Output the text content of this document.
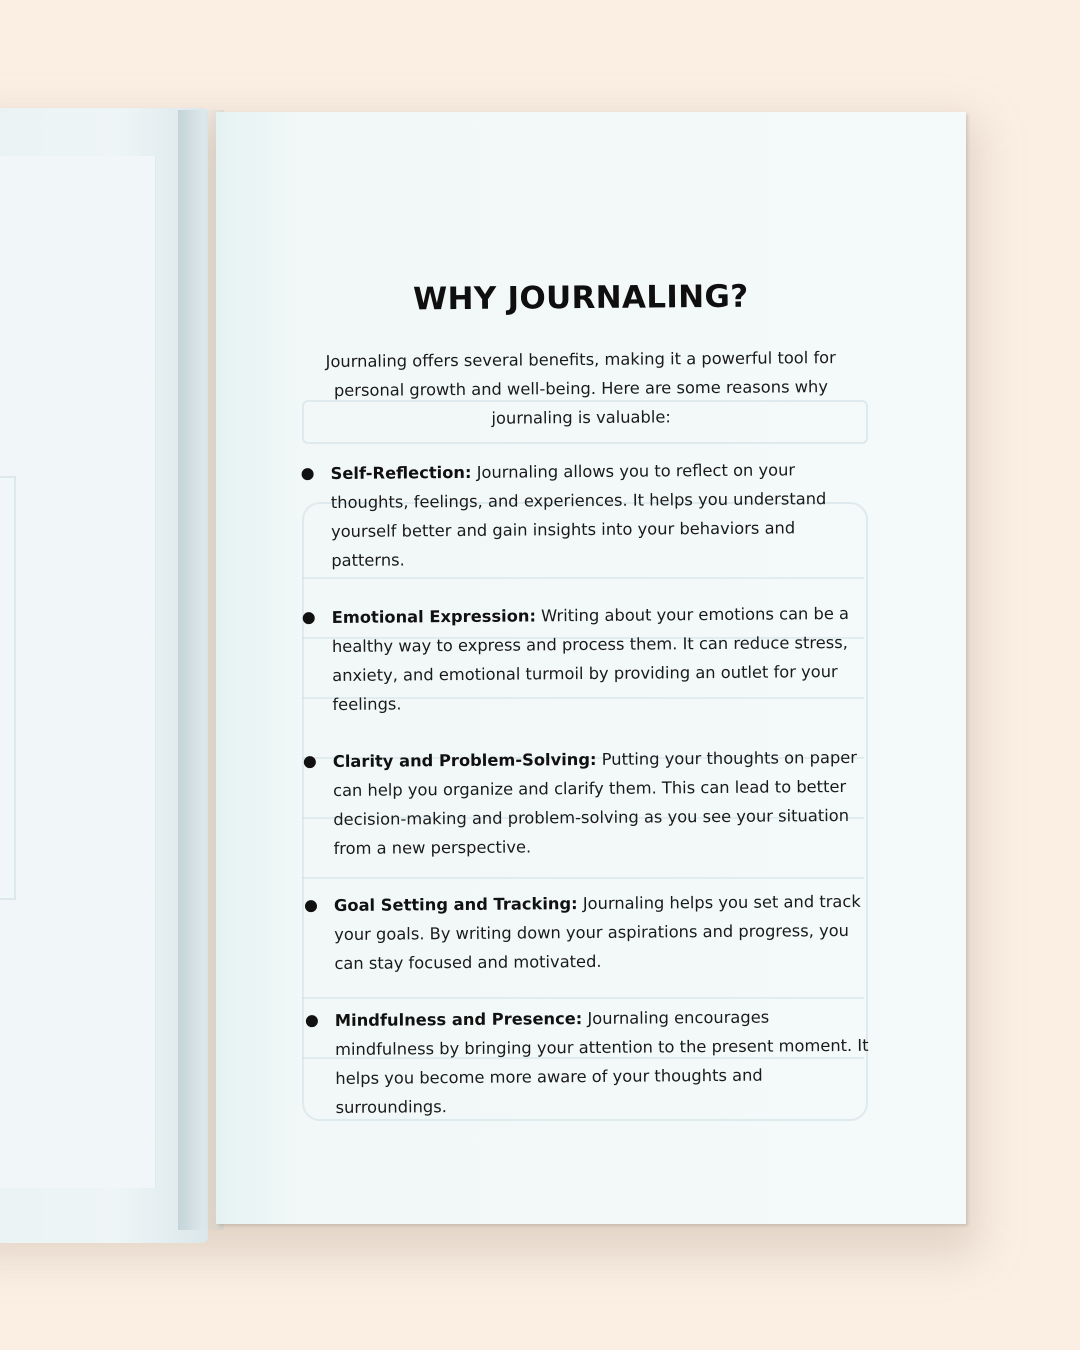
WHY JOURNALING?

Journaling offers several benefits, making it a powerful tool for personal growth and well-being. Here are some reasons why journaling is valuable:

Self-Reflection: Journaling allows you to reflect on your thoughts, feelings, and experiences. It helps you understand yourself better and gain insights into your behaviors and patterns.
Emotional Expression: Writing about your emotions can be a healthy way to express and process them. It can reduce stress, anxiety, and emotional turmoil by providing an outlet for your feelings.
Clarity and Problem-Solving: Putting your thoughts on paper can help you organize and clarify them. This can lead to better decision-making and problem-solving as you see your situation from a new perspective.
Goal Setting and Tracking: Journaling helps you set and track your goals. By writing down your aspirations and progress, you can stay focused and motivated.
Mindfulness and Presence: Journaling encourages mindfulness by bringing your attention to the present moment. It helps you become more aware of your thoughts and surroundings.
